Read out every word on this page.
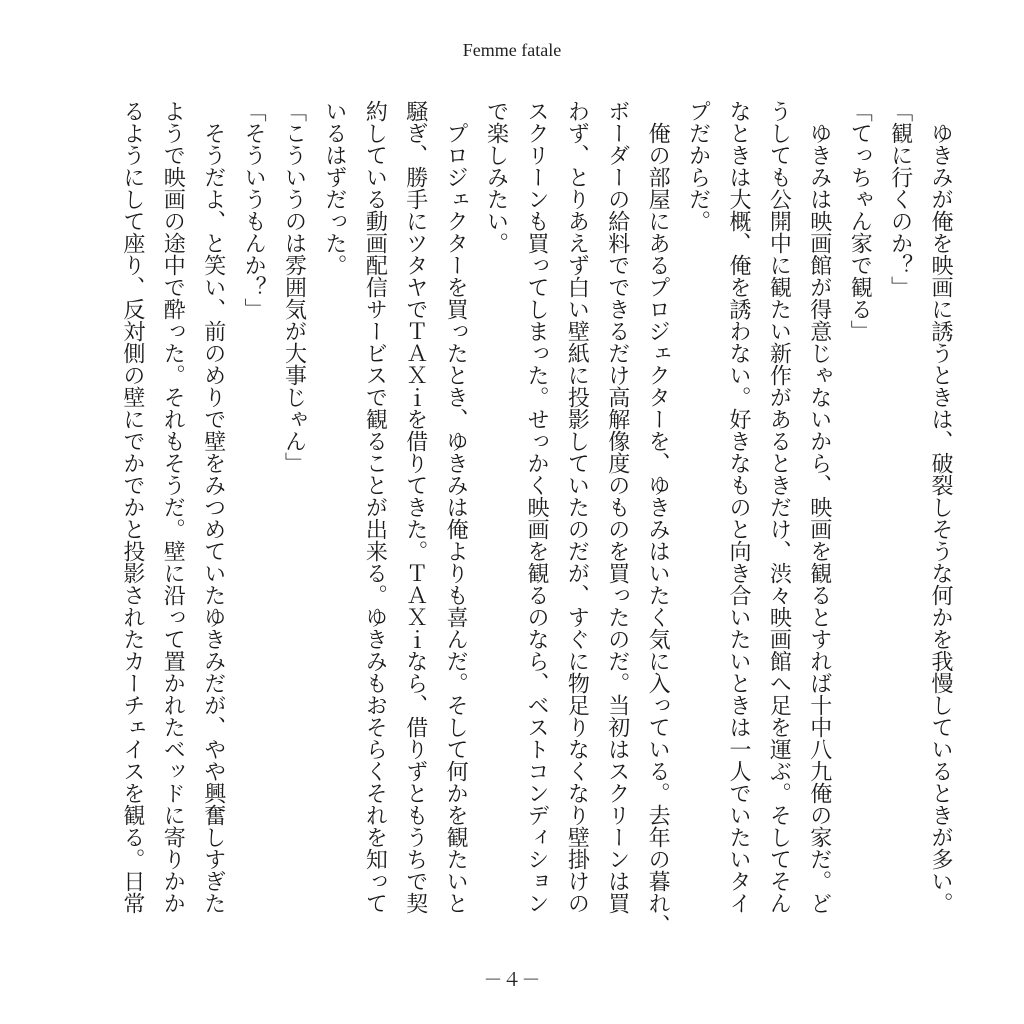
Femme fatale

ゆきみが俺を映画に誘うときは、破裂しそうな何かを我慢しているときが多い。

「観に行くのか？」

「てっちゃん家で観る」

ゆきみは映画館が得意じゃないから、映画を観るとすれば十中八九俺の家だ。ど

うしても公開中に観たい新作があるときだけ、渋々映画館へ足を運ぶ。そしてそん

なときは大概、俺を誘わない。好きなものと向き合いたいときは一人でいたいタイ

プだからだ。

俺の部屋にあるプロジェクターを、ゆきみはいたく気に入っている。去年の暮れ、

ボーダーの給料でできるだけ高解像度のものを買ったのだ。当初はスクリーンは買

わず、とりあえず白い壁紙に投影していたのだが、すぐに物足りなくなり壁掛けの

スクリーンも買ってしまった。せっかく映画を観るのなら、ベストコンディション

で楽しみたい。

プロジェクターを買ったとき、ゆきみは俺よりも喜んだ。そして何かを観たいと

騒ぎ、勝手にツタヤでＴＡＸｉを借りてきた。ＴＡＸｉなら、借りずともうちで契

約している動画配信サービスで観ることが出来る。ゆきみもおそらくそれを知って

いるはずだった。

「こういうのは雰囲気が大事じゃん」

「そういうもんか？」

そうだよ、と笑い、前のめりで壁をみつめていたゆきみだが、やや興奮しすぎた

ようで映画の途中で酔った。それもそうだ。壁に沿って置かれたベッドに寄りかか

るようにして座り、反対側の壁にでかでかと投影されたカーチェイスを観る。日常

－４－
